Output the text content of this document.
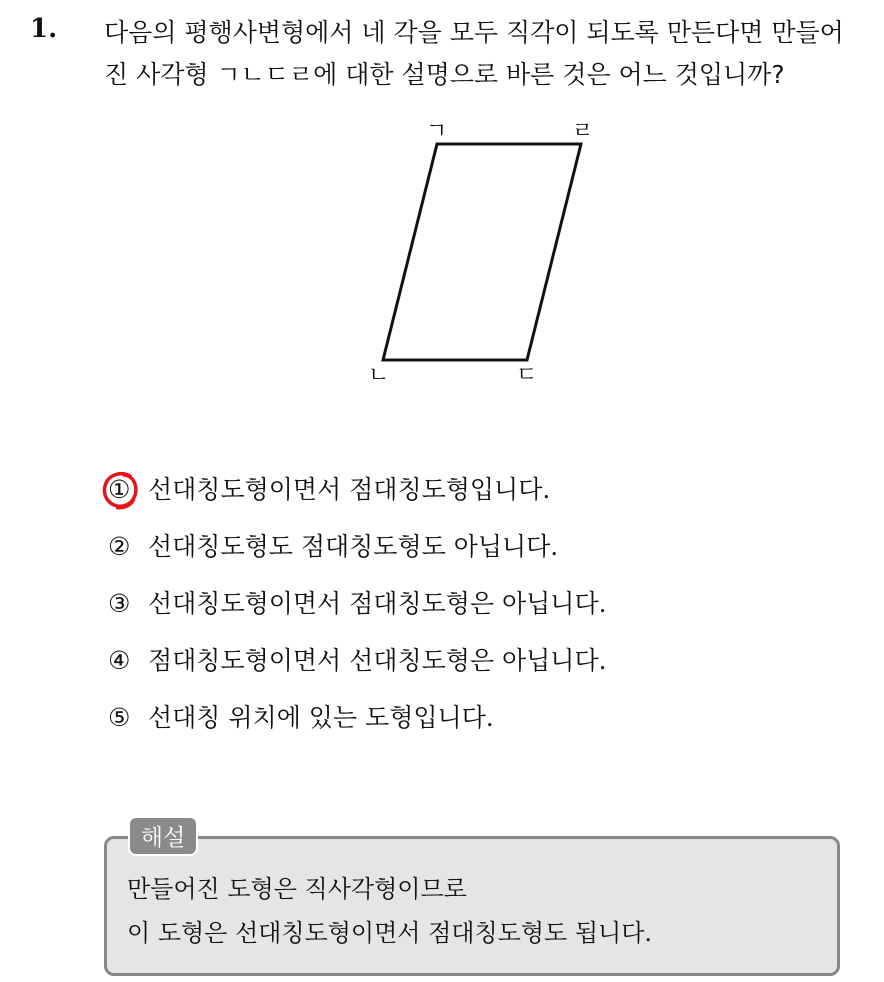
1. 다음의 평행사변형에서 네 각을 모두 직각이 되도록 만든다면 만들어
진 사각형 ㄱㄴㄷㄹ에 대한 설명으로 바른 것은 어느 것입니까?
ㄱ
ㄴ	ㄷ
ㄹ
① 선대칭도형이면서 점대칭도형입니다.
② 선대칭도형도 점대칭도형도 아닙니다.
③ 선대칭도형이면서 점대칭도형은 아닙니다.
④ 점대칭도형이면서 선대칭도형은 아닙니다.
⑤ 선대칭 위치에 있는 도형입니다.
만들어진 도형은 직사각형이므로
이 도형은 선대칭도형이면서 점대칭도형도 됩니다.
해설
